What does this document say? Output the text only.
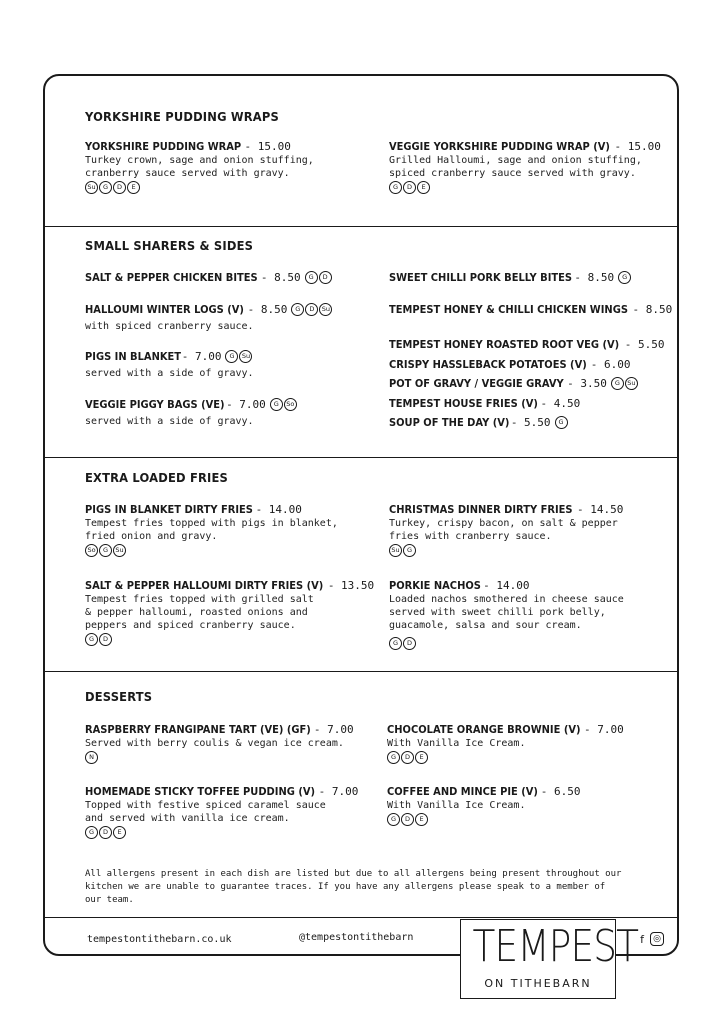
YORKSHIRE PUDDING WRAPS
YORKSHIRE PUDDING WRAP - 15.00
Turkey crown, sage and onion stuffing,
cranberry sauce served with gravy.
Su	G	D	E
VEGGIE YORKSHIRE PUDDING WRAP (V) - 15.00
Grilled Halloumi, sage and onion stuffing,
spiced cranberry sauce served with gravy.
G	D	E
SMALL SHARERS & SIDES
SALT & PEPPER CHICKEN BITES - 8.50	G	D
HALLOUMI WINTER LOGS (V) - 8.50	G	D	Su
with spiced cranberry sauce.
PIGS IN BLANKET - 7.00	G	Su
served with a side of gravy.
VEGGIE PIGGY BAGS (VE) - 7.00	G	So
served with a side of gravy.
SWEET CHILLI PORK BELLY BITES - 8.50	G
TEMPEST HONEY & CHILLI CHICKEN WINGS - 8.50
TEMPEST HONEY ROASTED ROOT VEG (V) - 5.50
CRISPY HASSLEBACK POTATOES (V) - 6.00
POT OF GRAVY / VEGGIE GRAVY - 3.50	G	Su
TEMPEST HOUSE FRIES (V) - 4.50
SOUP OF THE DAY (V) - 5.50	G
EXTRA LOADED FRIES
PIGS IN BLANKET DIRTY FRIES - 14.00
Tempest fries topped with pigs in blanket,
fried onion and gravy.
So	G	Su
CHRISTMAS DINNER DIRTY FRIES - 14.50
Turkey, crispy bacon, on salt & pepper
fries with cranberry sauce.
Su	G
SALT & PEPPER HALLOUMI DIRTY FRIES (V) - 13.50
Tempest fries topped with grilled salt
& pepper halloumi, roasted onions and
peppers and spiced cranberry sauce.
G	D
PORKIE NACHOS - 14.00
Loaded nachos smothered in cheese sauce
served with sweet chilli pork belly,
guacamole, salsa and sour cream.
G	D
DESSERTS
RASPBERRY FRANGIPANE TART (VE) (GF) - 7.00
Served with berry coulis & vegan ice cream.
N
CHOCOLATE ORANGE BROWNIE (V) - 7.00
With Vanilla Ice Cream.
G	D	E
HOMEMADE STICKY TOFFEE PUDDING (V) - 7.00
Topped with festive spiced caramel sauce
and served with vanilla ice cream.
G	D	E
COFFEE AND MINCE PIE (V) - 6.50
With Vanilla Ice Cream.
G	D	E
All allergens present in each dish are listed but due to all allergens being present throughout our
kitchen we are unable to guarantee traces. If you have any allergens please speak to a member of
our team.
tempestontithebarn.co.uk	@tempestontithebarn TEMPEST
ON TITHEBARN
f	◎
